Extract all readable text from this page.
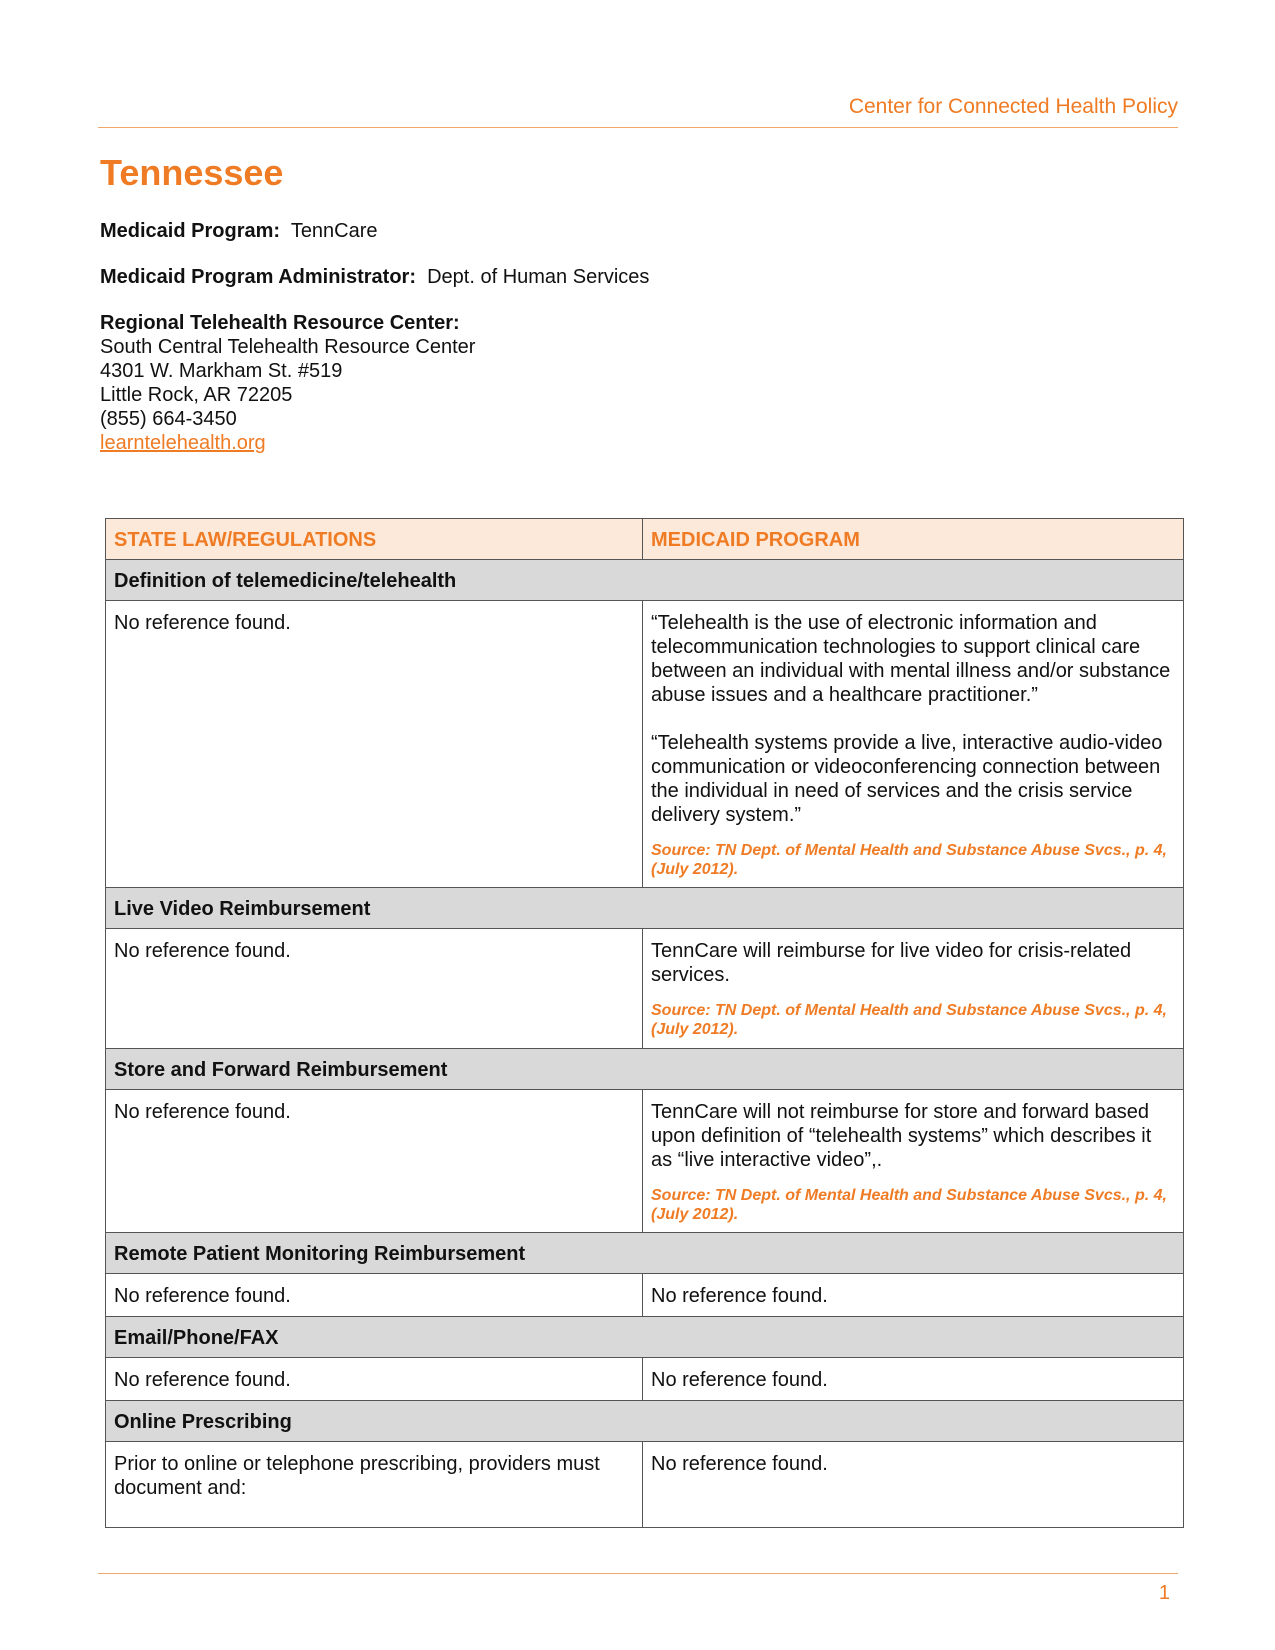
Center for Connected Health Policy
Tennessee
Medicaid Program: TennCare
Medicaid Program Administrator: Dept. of Human Services
Regional Telehealth Resource Center:
South Central Telehealth Resource Center
4301 W. Markham St. #519
Little Rock, AR 72205
(855) 664-3450
learntelehealth.org
STATE LAW/REGULATIONS	MEDICAID PROGRAM
Definition of telemedicine/telehealth	
No reference found.	“Telehealth is the use of electronic information and telecommunication technologies to support clinical care between an individual with mental illness and/or substance abuse issues and a healthcare practitioner.”
“Telehealth systems provide a live, interactive audio-video communication or videoconferencing connection between the individual in need of services and the crisis service delivery system.”
Source: TN Dept. of Mental Health and Substance Abuse Svcs., p. 4, (July 2012).

Live Video Reimbursement	
No reference found.	TennCare will reimburse for live video for crisis-related services.
Source: TN Dept. of Mental Health and Substance Abuse Svcs., p. 4, (July 2012).

Store and Forward Reimbursement	
No reference found.	TennCare will not reimburse for store and forward based upon definition of “telehealth systems” which describes it as “live interactive video”,.
Source: TN Dept. of Mental Health and Substance Abuse Svcs., p. 4, (July 2012).

Remote Patient Monitoring Reimbursement	
No reference found.	No reference found.
Email/Phone/FAX	
No reference found.	No reference found.
Online Prescribing	
Prior to online or telephone prescribing, providers must document and:	No reference found.
1
